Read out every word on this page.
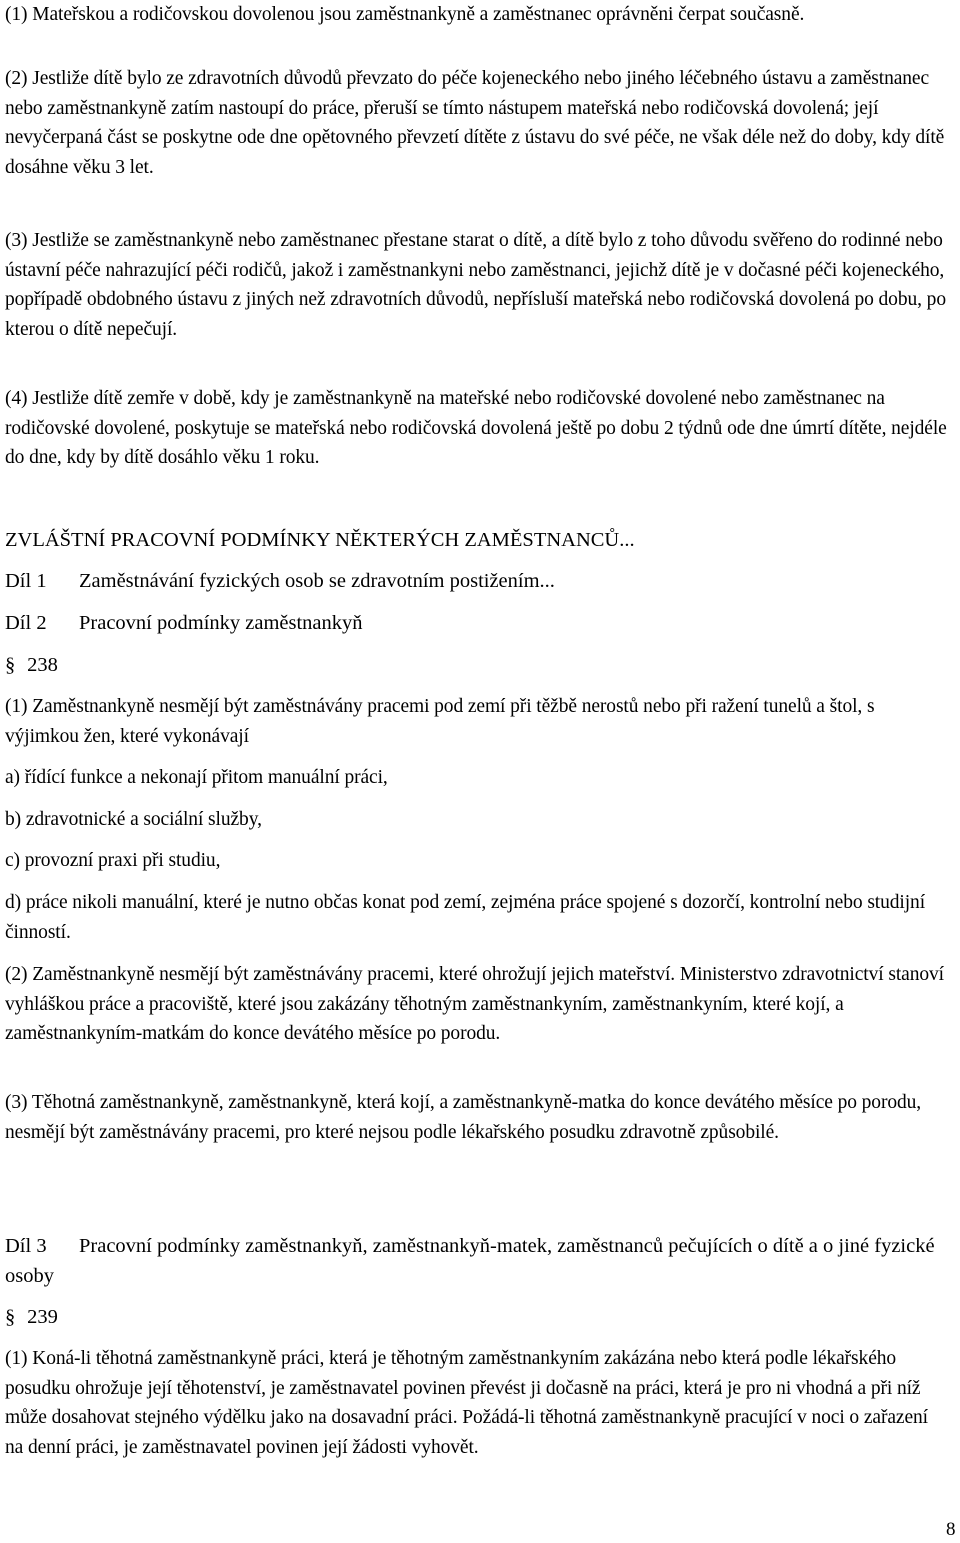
(1) Mateřskou a rodičovskou dovolenou jsou zaměstnankyně a zaměstnanec oprávněni čerpat současně.

(2) Jestliže dítě bylo ze zdravotních důvodů převzato do péče kojeneckého nebo jiného léčebného ústavu a zaměstnanec nebo zaměstnankyně zatím nastoupí do práce, přeruší se tímto nástupem mateřská nebo rodičovská dovolená; její nevyčerpaná část se poskytne ode dne opětovného převzetí dítěte z ústavu do své péče, ne však déle než do doby, kdy dítě dosáhne věku 3 let.

(3) Jestliže se zaměstnankyně nebo zaměstnanec přestane starat o dítě, a dítě bylo z toho důvodu svěřeno do rodinné nebo ústavní péče nahrazující péči rodičů, jakož i zaměstnankyni nebo zaměstnanci, jejichž dítě je v dočasné péči kojeneckého, popřípadě obdobného ústavu z jiných než zdravotních důvodů, nepřísluší mateřská nebo rodičovská dovolená po dobu, po kterou o dítě nepečují.

(4) Jestliže dítě zemře v době, kdy je zaměstnankyně na mateřské nebo rodičovské dovolené nebo zaměstnanec na rodičovské dovolené, poskytuje se mateřská nebo rodičovská dovolená ještě po dobu 2 týdnů ode dne úmrtí dítěte, nejdéle do dne, kdy by dítě dosáhlo věku 1 roku.

ZVLÁŠTNÍ PRACOVNÍ PODMÍNKY NĚKTERÝCH ZAMĚSTNANCŮ...
Díl 1	Zaměstnávání fyzických osob se zdravotním postižením...
Díl 2	Pracovní podmínky zaměstnankyň
§ 238

(1) Zaměstnankyně nesmějí být zaměstnávány pracemi pod zemí při těžbě nerostů nebo při ražení tunelů a štol, s výjimkou žen, které vykonávají

a) řídící funkce a nekonají přitom manuální práci,

b) zdravotnické a sociální služby,

c) provozní praxi při studiu,

d) práce nikoli manuální, které je nutno občas konat pod zemí, zejména práce spojené s dozorčí, kontrolní nebo studijní činností.

(2) Zaměstnankyně nesmějí být zaměstnávány pracemi, které ohrožují jejich mateřství. Ministerstvo zdravotnictví stanoví vyhláškou práce a pracoviště, které jsou zakázány těhotným zaměstnankyním, zaměstnankyním, které kojí, a zaměstnankyním-matkám do konce devátého měsíce po porodu.

(3) Těhotná zaměstnankyně, zaměstnankyně, která kojí, a zaměstnankyně-matka do konce devátého měsíce po porodu, nesmějí být zaměstnávány pracemi, pro které nejsou podle lékařského posudku zdravotně způsobilé.

Díl 3 Pracovní podmínky zaměstnankyň, zaměstnankyň-matek, zaměstnanců pečujících o dítě a o jiné fyzické osoby
§ 239

(1) Koná-li těhotná zaměstnankyně práci, která je těhotným zaměstnankyním zakázána nebo která podle lékařského posudku ohrožuje její těhotenství, je zaměstnavatel povinen převést ji dočasně na práci, která je pro ni vhodná a při níž může dosahovat stejného výdělku jako na dosavadní práci. Požádá-li těhotná zaměstnankyně pracující v noci o zařazení na denní práci, je zaměstnavatel povinen její žádosti vyhovět.

8
